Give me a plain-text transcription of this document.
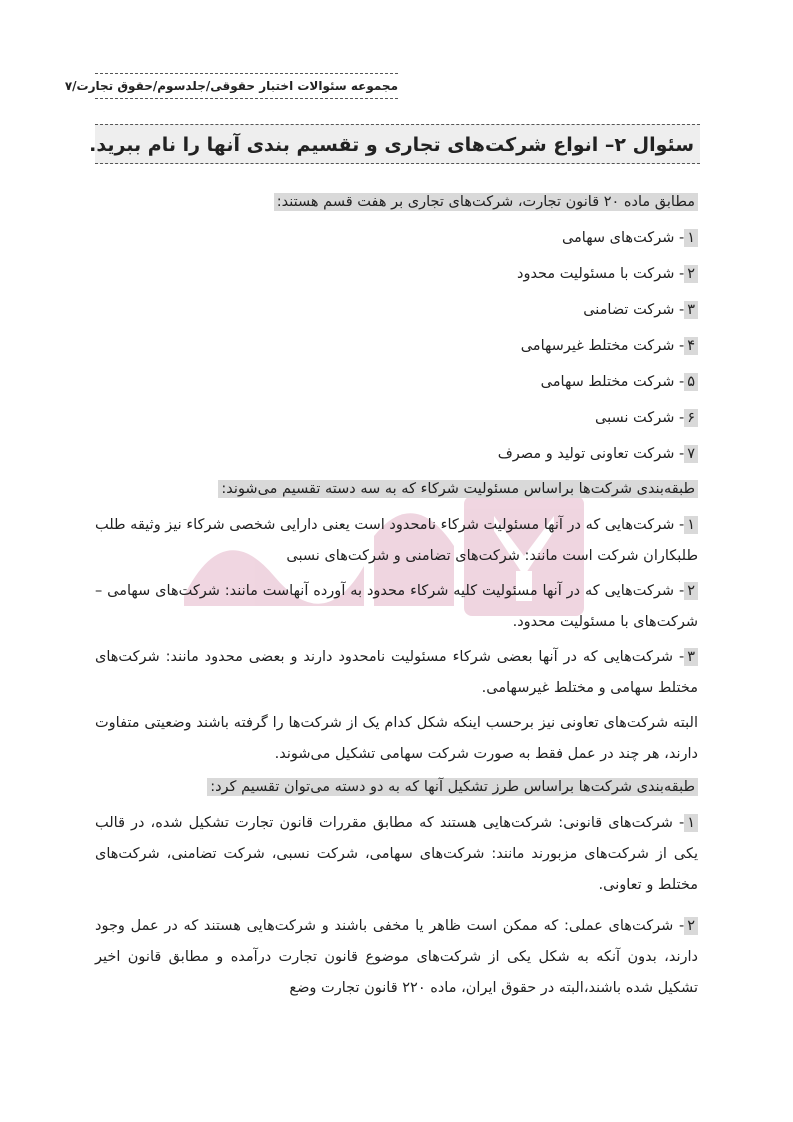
مجموعه سئوالات اختبار حقوقی/جلدسوم/حقوق تجارت/۷
سئوال ۲– انواع شرکت‌های تجاری و تقسیم بندی آنها را نام ببرید.
مطابق ماده ۲۰ قانون تجارت، شرکت‌های تجاری بر هفت قسم هستند:
۱- شرکت‌های سهامی
۲- شرکت با مسئولیت محدود
۳- شرکت تضامنی
۴- شرکت مختلط غیرسهامی
۵- شرکت مختلط سهامی
۶- شرکت نسبی
۷- شرکت تعاونی تولید و مصرف
طبقه‌بندی شرکت‌ها براساس مسئولیت شرکاء که به سه دسته تقسیم می‌شوند:
۱- شرکت‌هایی که در آنها مسئولیت شرکاء نامحدود است یعنی دارایی شخصی شرکاء نیز وثیقه طلب طلبکاران شرکت است مانند: شرکت‌های تضامنی و شرکت‌های نسبی
۲- شرکت‌هایی که در آنها مسئولیت کلیه شرکاء محدود به آورده آنهاست مانند: شرکت‌های سهامی – شرکت‌های با مسئولیت محدود.
۳- شرکت‌هایی که در آنها بعضی شرکاء مسئولیت نامحدود دارند و بعضی محدود مانند: شرکت‌های مختلط سهامی و مختلط غیرسهامی.
البته شرکت‌های تعاونی نیز برحسب اینکه شکل کدام یک از شرکت‌ها را گرفته باشند وضعیتی متفاوت دارند، هر چند در عمل فقط به صورت شرکت سهامی تشکیل می‌شوند.
طبقه‌بندی شرکت‌ها براساس طرز تشکیل آنها که به دو دسته می‌توان تقسیم کرد:
۱- شرکت‌های قانونی: شرکت‌هایی هستند که مطابق مقررات قانون تجارت تشکیل شده، در قالب یکی از شرکت‌های مزبورند مانند: شرکت‌های سهامی، شرکت نسبی، شرکت تضامنی، شرکت‌های مختلط و تعاونی.
۲- شرکت‌های عملی: که ممکن است ظاهر یا مخفی باشند و شرکت‌هایی هستند که در عمل وجود دارند، بدون آنکه به شکل یکی از شرکت‌های موضوع قانون تجارت درآمده و مطابق قانون اخیر تشکیل شده باشند،البته در حقوق ایران، ماده ۲۲۰ قانون تجارت وضع
